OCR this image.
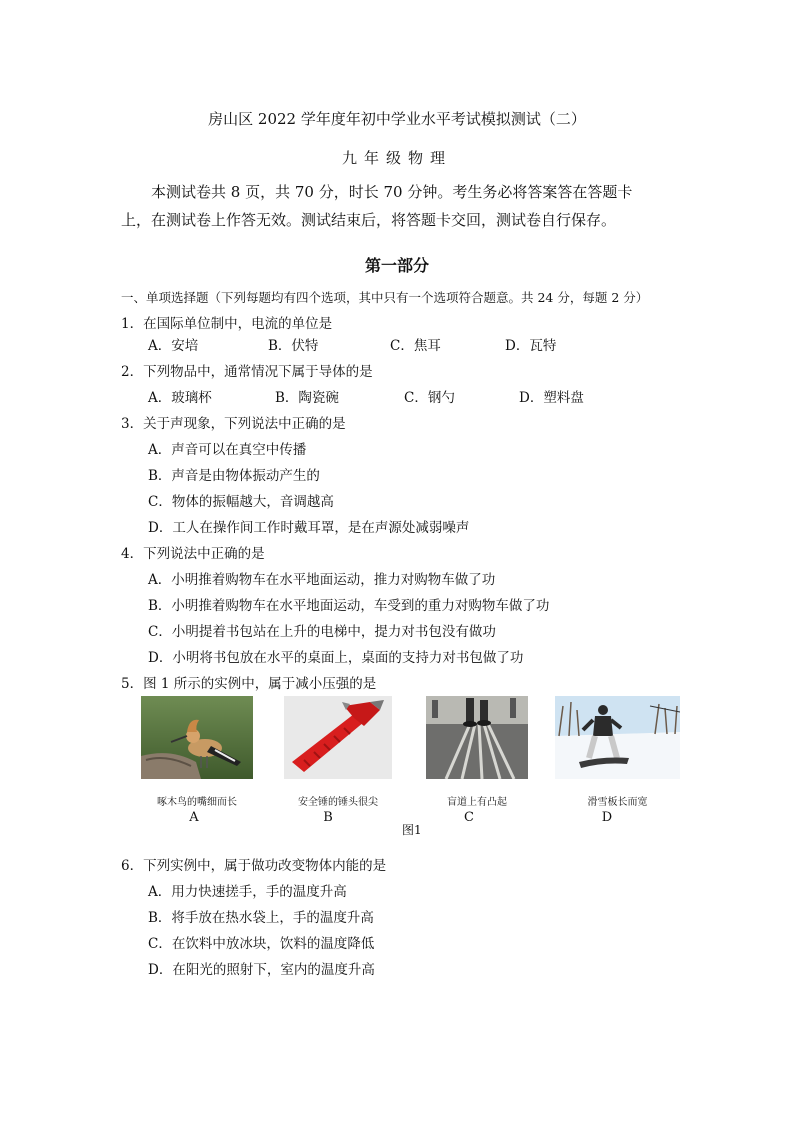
房山区 2022 学年度年初中学业水平考试模拟测试（二）
九年级物理

本测试卷共 8 页，共 70 分，时长 70 分钟。考生务必将答案答在答题卡

上，在测试卷上作答无效。测试结束后，将答题卡交回，测试卷自行保存。

第一部分
一、单项选择题（下列每题均有四个选项，其中只有一个选项符合题意。共 24 分，每题 2 分）
1．在国际单位制中，电流的单位是
A．安培	B．伏特	C．焦耳	D．瓦特
2．下列物品中，通常情况下属于导体的是
A．玻璃杯	B．陶瓷碗	C．钢勺	D．塑料盘
3．关于声现象，下列说法中正确的是
A．声音可以在真空中传播
B．声音是由物体振动产生的
C．物体的振幅越大，音调越高
D．工人在操作间工作时戴耳罩，是在声源处减弱噪声
4．下列说法中正确的是
A．小明推着购物车在水平地面运动，推力对购物车做了功
B．小明推着购物车在水平地面运动，车受到的重力对购物车做了功
C．小明提着书包站在上升的电梯中，提力对书包没有做功
D．小明将书包放在水平的桌面上，桌面的支持力对书包做了功
5．图 1 所示的实例中，属于减小压强的是
啄木鸟的嘴细而长	安全锤的锤头很尖	盲道上有凸起	滑雪板长而宽
A	B	C	D
图1
6．下列实例中，属于做功改变物体内能的是
A．用力快速搓手，手的温度升高
B．将手放在热水袋上，手的温度升高
C．在饮料中放冰块，饮料的温度降低
D．在阳光的照射下，室内的温度升高
